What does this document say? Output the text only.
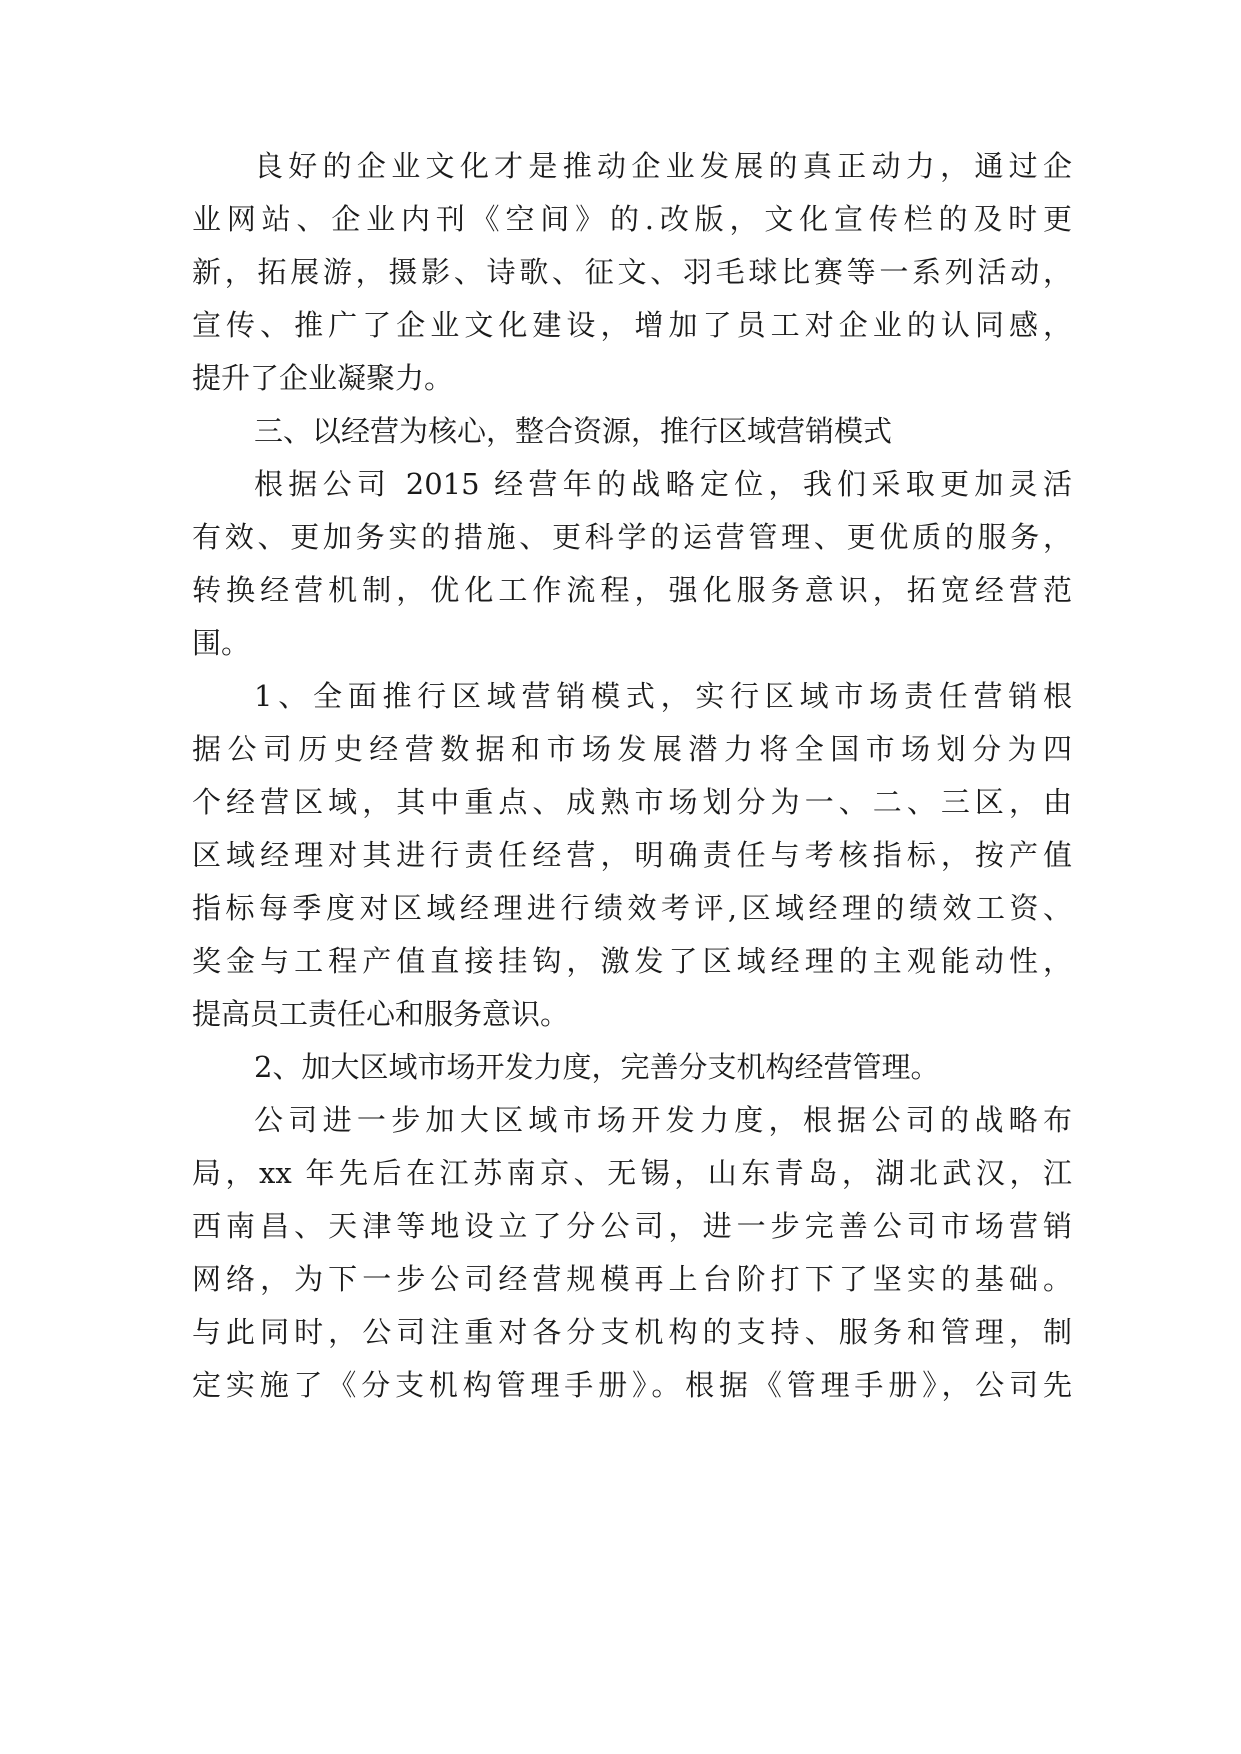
良好的企业文化才是推动企业发展的真正动力，通过企

业网站、企业内刊《空间》的.改版，文化宣传栏的及时更

新，拓展游，摄影、诗歌、征文、羽毛球比赛等一系列活动，

宣传、推广了企业文化建设，增加了员工对企业的认同感，

提升了企业凝聚力。

三、以经营为核心，整合资源，推行区域营销模式

根据公司 2015 经营年的战略定位，我们采取更加灵活

有效、更加务实的措施、更科学的运营管理、更优质的服务，

转换经营机制，优化工作流程，强化服务意识，拓宽经营范

围。

1、全面推行区域营销模式，实行区域市场责任营销根

据公司历史经营数据和市场发展潜力将全国市场划分为四

个经营区域，其中重点、成熟市场划分为一、二、三区，由

区域经理对其进行责任经营，明确责任与考核指标，按产值

指标每季度对区域经理进行绩效考评,区域经理的绩效工资、

奖金与工程产值直接挂钩，激发了区域经理的主观能动性，

提高员工责任心和服务意识。

2、加大区域市场开发力度，完善分支机构经营管理。

公司进一步加大区域市场开发力度，根据公司的战略布

局，xx 年先后在江苏南京、无锡，山东青岛，湖北武汉，江

西南昌、天津等地设立了分公司，进一步完善公司市场营销

网络，为下一步公司经营规模再上台阶打下了坚实的基础。

与此同时，公司注重对各分支机构的支持、服务和管理，制

定实施了《分支机构管理手册》。根据《管理手册》，公司先
